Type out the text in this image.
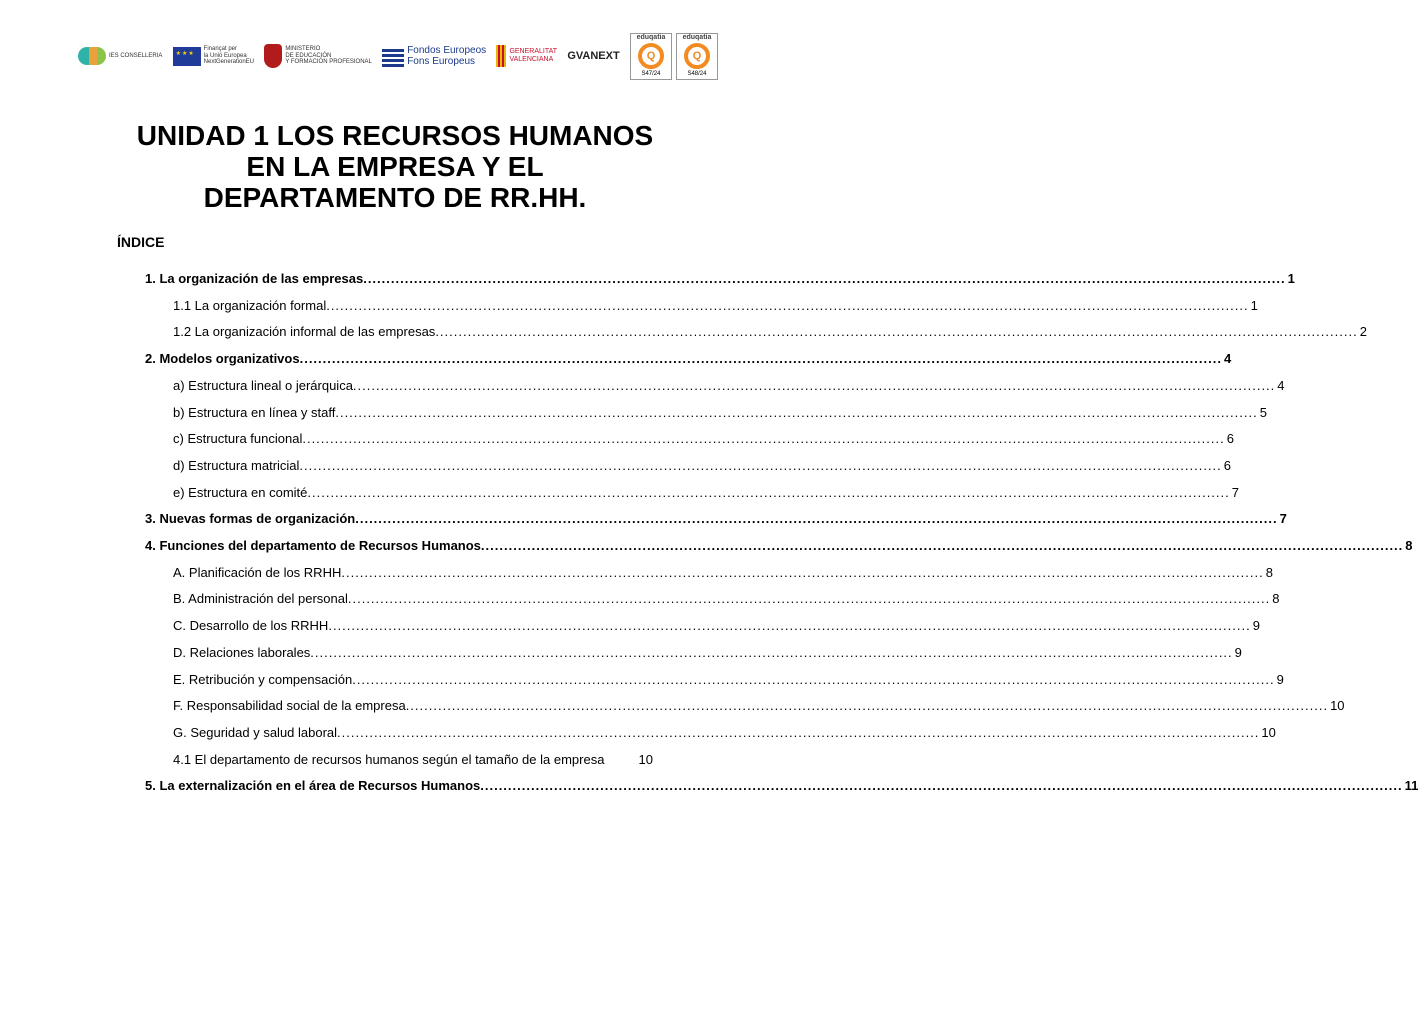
IES CONSELLERIA
★★★
Finançat per
la Unió Europea
NextGenerationEU
MINISTERIO
DE EDUCACIÓN
Y FORMACIÓN PROFESIONAL
Fondos Europeos
Fons Europeus
GENERALITAT
VALENCIANA	GVANEXT
eduqatia
Q
S47/24
eduqatia
Q
S48/24
UNIDAD 1 LOS RECURSOS HUMANOS
EN LA EMPRESA Y EL
DEPARTAMENTO DE RR.HH.
ÍNDICE
1. La organización de las empresas ........................................................................................................................................................................................................ 1
1.1 La organización formal ........................................................................................................................................................................................................ 1
1.2 La organización informal de las empresas ........................................................................................................................................................................................................ 2
2. Modelos organizativos ........................................................................................................................................................................................................ 4
a) Estructura lineal o jerárquica ........................................................................................................................................................................................................ 4
b) Estructura en línea y staff ........................................................................................................................................................................................................ 5
c) Estructura funcional ........................................................................................................................................................................................................ 6
d) Estructura matricial ........................................................................................................................................................................................................ 6
e) Estructura en comité ........................................................................................................................................................................................................ 7
3. Nuevas formas de organización ........................................................................................................................................................................................................ 7
4. Funciones del departamento de Recursos Humanos ........................................................................................................................................................................................................ 8
A. Planificación de los RRHH ........................................................................................................................................................................................................ 8
B. Administración del personal ........................................................................................................................................................................................................ 8
C. Desarrollo de los RRHH ........................................................................................................................................................................................................ 9
D. Relaciones laborales ........................................................................................................................................................................................................ 9
E. Retribución y compensación ........................................................................................................................................................................................................ 9
F. Responsabilidad social de la empresa ........................................................................................................................................................................................................ 10
G. Seguridad y salud laboral ........................................................................................................................................................................................................ 10
4.1 El departamento de recursos humanos según el tamaño de la empresa	10
5. La externalización en el área de Recursos Humanos ........................................................................................................................................................................................................ 11
